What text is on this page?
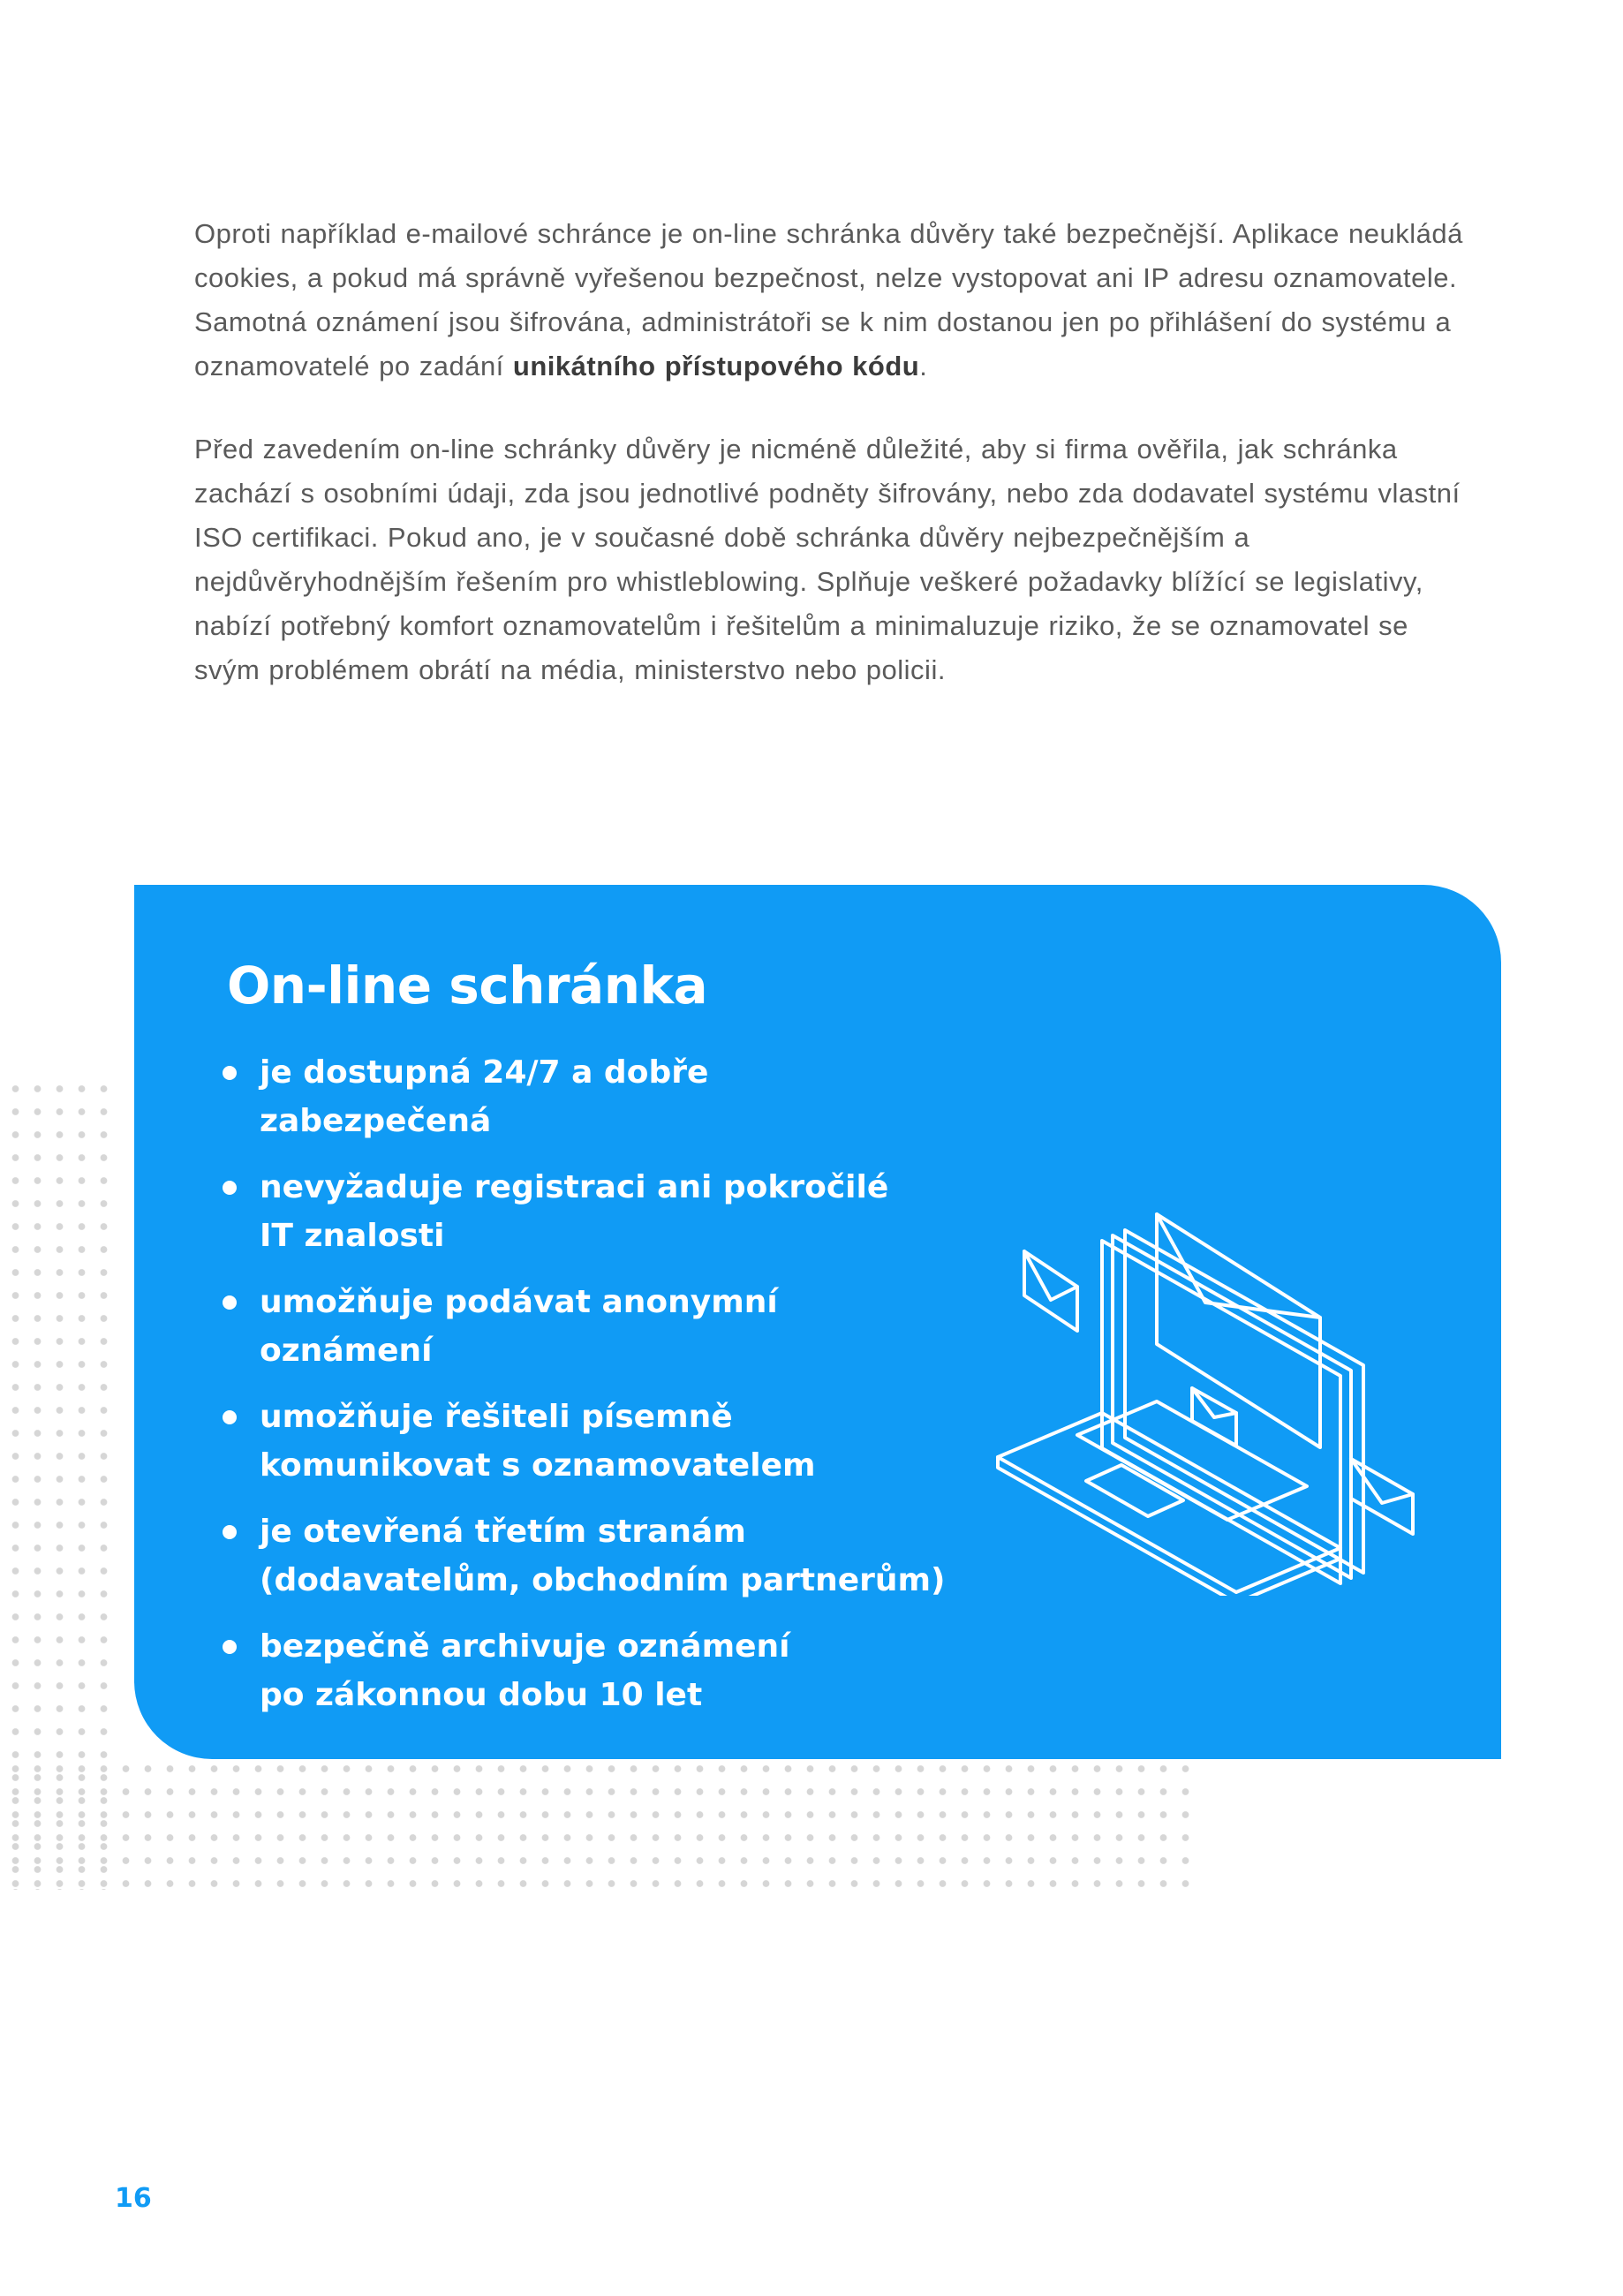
Oproti například e-mailové schránce je on-line schránka důvěry také bezpečnější. Aplikace neukládá cookies, a pokud má správně vyřešenou bezpečnost, nelze vystopovat ani IP adresu oznamovatele. Samotná oznámení jsou šifrována, administrátoři se k nim dostanou jen po přihlášení do systému a oznamovatelé po zadání unikátního přístupového kódu.

Před zavedením on-line schránky důvěry je nicméně důležité, aby si firma ověřila, jak schránka zachází s osobními údaji, zda jsou jednotlivé podněty šifrovány, nebo zda dodavatel systému vlastní ISO certifikaci. Pokud ano, je v současné době schránka důvěry nejbezpečnějším a nejdůvěryhodnějším řešením pro whistleblowing. Splňuje veškeré požadavky blížící se legislativy, nabízí potřebný komfort oznamovatelům i řešitelům a minimaluzuje riziko, že se oznamovatel se svým problémem obrátí na média, ministerstvo nebo policii.

On-line schránka
je dostupná 24/7 a dobře zabezpečená

nevyžaduje registraci ani pokročilé
IT znalosti
umožňuje podávat anonymní
oznámení
umožňuje řešiteli písemně
komunikovat s oznamovatelem
je otevřená třetím stranám
(dodavatelům, obchodním partnerům)
bezpečně archivuje oznámení
po zákonnou dobu 10 let
16
